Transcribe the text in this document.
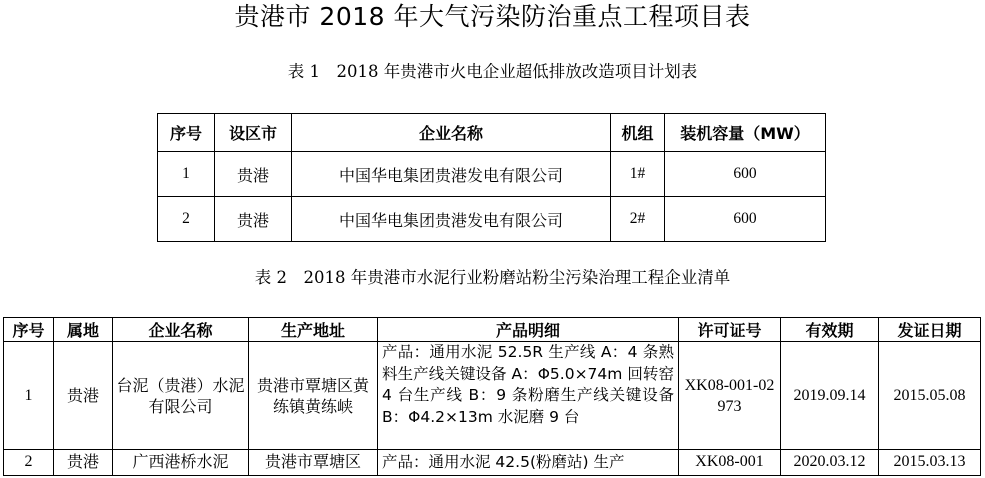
贵港市 2018 年大气污染防治重点工程项目表
表 1　2018 年贵港市火电企业超低排放改造项目计划表
序号	设区市	企业名称	机组	装机容量（MW）
1	贵港	中国华电集团贵港发电有限公司	1#	600
2	贵港	中国华电集团贵港发电有限公司	2#	600
表 2　2018 年贵港市水泥行业粉磨站粉尘污染治理工程企业清单
序号	属地	企业名称	生产地址	产品明细	许可证号	有效期	发证日期
1	贵港	台泥（贵港）水泥有限公司	贵港市覃塘区黄练镇黄练峡	产品：通用水泥 52.5R 生产线 A：4 条熟料生产线关键设备 A：Φ5.0×74m 回转窑 4 台生产线 B：9 条粉磨生产线关键设备 B：Φ4.2×13m 水泥磨 9 台	XK08-001-02973	2019.09.14	2015.05.08
2	贵港	广西港桥水泥	贵港市覃塘区	产品：通用水泥 42.5(粉磨站) 生产	XK08-001	2020.03.12	2015.03.13
